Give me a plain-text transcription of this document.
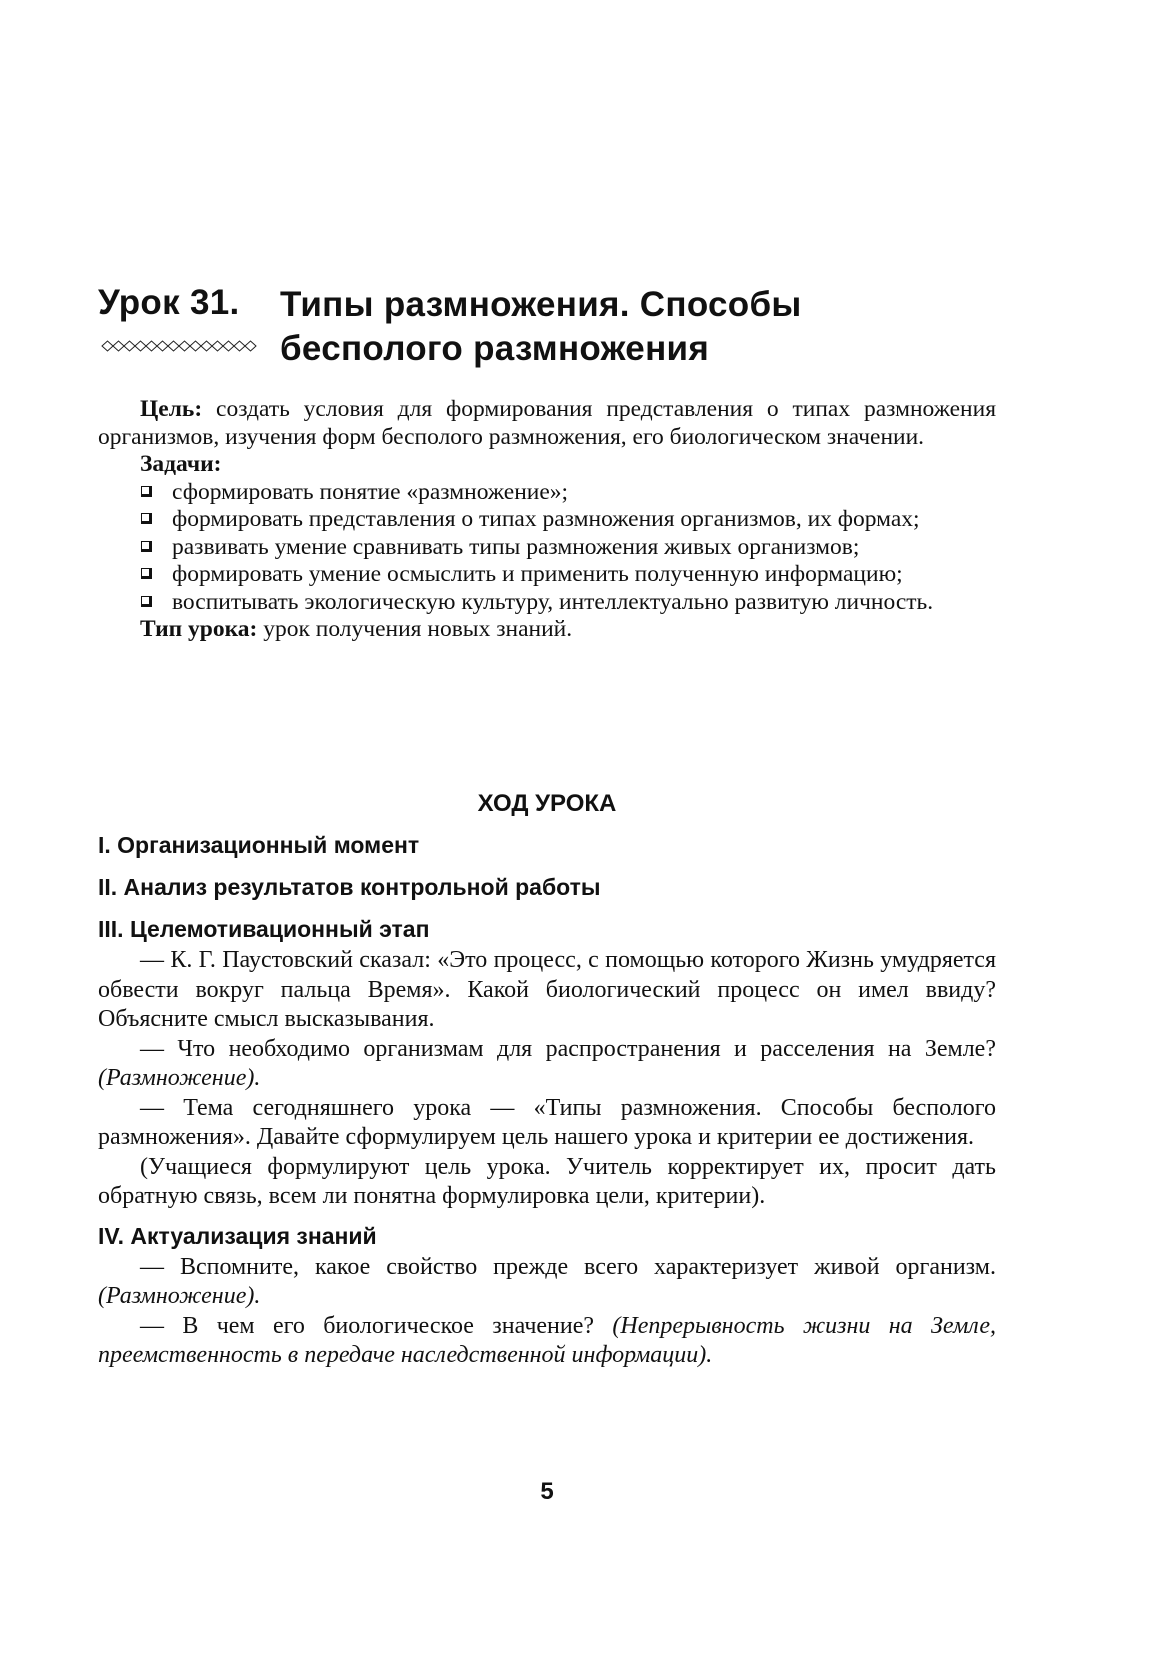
Урок 31. Типы размножения. Способы
бесполого размножения

Цель: создать условия для формирования представления о типах размножения организмов, изучения форм бесполого размножения, его биологическом значении.

Задачи:

сформировать понятие «размножение»;
формировать представления о типах размножения организмов, их формах;
развивать умение сравнивать типы размножения живых организмов;
формировать умение осмыслить и применить полученную информацию;
воспитывать экологическую культуру, интеллектуально развитую личность.

Тип урока: урок получения новых знаний.

ХОД УРОКА
I. Организационный момент
II. Анализ результатов контрольной работы
III. Целемотивационный этап

— К. Г. Паустовский сказал: «Это процесс, с помощью которого Жизнь умудряется обвести вокруг пальца Время». Какой биологический процесс он имел ввиду? Объясните смысл высказывания.

— Что необходимо организмам для распространения и расселения на Земле? (Размножение).

— Тема сегодняшнего урока — «Типы размножения. Способы бесполого размножения». Давайте сформулируем цель нашего урока и критерии ее достижения.

(Учащиеся формулируют цель урока. Учитель корректирует их, просит дать обратную связь, всем ли понятна формулировка цели, критерии).

IV. Актуализация знаний

— Вспомните, какое свойство прежде всего характеризует живой организм. (Размножение).

— В чем его биологическое значение? (Непрерывность жизни на Земле, преемственность в передаче наследственной информации).

5
